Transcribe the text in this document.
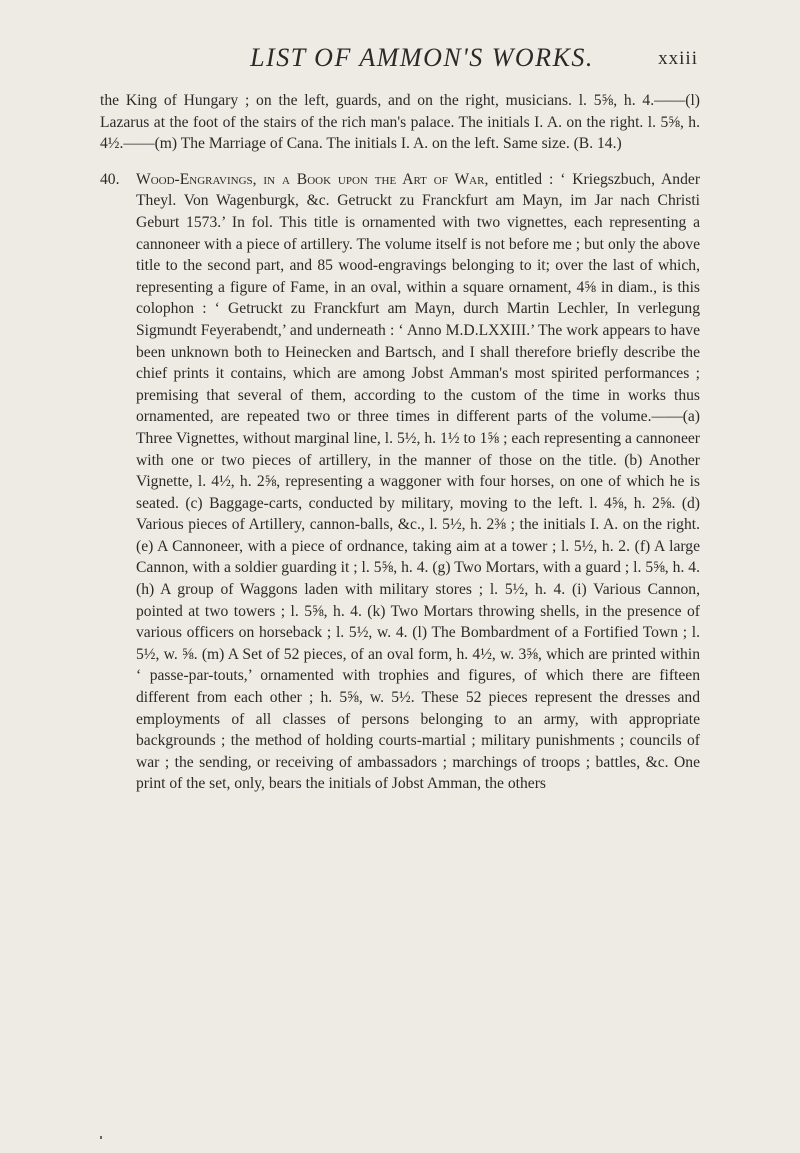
LIST OF AMMON'S WORKS.	xxiii

the King of Hungary ; on the left, guards, and on the right, musicians. l. 5⅝, h. 4.——(l) Lazarus at the foot of the stairs of the rich man's palace. The initials I. A. on the right. l. 5⅝, h. 4½.——(m) The Marriage of Cana. The initials I. A. on the left. Same size. (B. 14.)

40. Wood-Engravings, in a Book upon the Art of War, entitled : ‘ Kriegszbuch, Ander Theyl. Von Wagenburgk, &c. Getruckt zu Franckfurt am Mayn, im Jar nach Christi Geburt 1573.’ In fol. This title is ornamented with two vignettes, each representing a cannoneer with a piece of artillery. The volume itself is not before me ; but only the above title to the second part, and 85 wood-engravings belonging to it; over the last of which, representing a figure of Fame, in an oval, within a square ornament, 4⅝ in diam., is this colophon : ‘ Getruckt zu Franckfurt am Mayn, durch Martin Lechler, In verlegung Sigmundt Feyerabendt,’ and underneath : ‘ Anno M.D.LXXIII.’ The work appears to have been unknown both to Heinecken and Bartsch, and I shall therefore briefly describe the chief prints it contains, which are among Jobst Amman's most spirited performances ; premising that several of them, according to the custom of the time in works thus ornamented, are repeated two or three times in different parts of the volume.——(a) Three Vignettes, without marginal line, l. 5½, h. 1½ to 1⅝ ; each representing a cannoneer with one or two pieces of artillery, in the manner of those on the title. (b) Another Vignette, l. 4½, h. 2⅝, representing a waggoner with four horses, on one of which he is seated. (c) Baggage-carts, conducted by military, moving to the left. l. 4⅝, h. 2⅝. (d) Various pieces of Artillery, cannon-balls, &c., l. 5½, h. 2⅜ ; the initials I. A. on the right. (e) A Cannoneer, with a piece of ordnance, taking aim at a tower ; l. 5½, h. 2. (f) A large Cannon, with a soldier guarding it ; l. 5⅝, h. 4. (g) Two Mortars, with a guard ; l. 5⅝, h. 4. (h) A group of Waggons laden with military stores ; l. 5½, h. 4. (i) Various Cannon, pointed at two towers ; l. 5⅝, h. 4. (k) Two Mortars throwing shells, in the presence of various officers on horseback ; l. 5½, w. 4. (l) The Bombardment of a Fortified Town ; l. 5½, w. ⅝. (m) A Set of 52 pieces, of an oval form, h. 4½, w. 3⅝, which are printed within ‘ passe-par-touts,’ ornamented with trophies and figures, of which there are fifteen different from each other ; h. 5⅝, w. 5½. These 52 pieces represent the dresses and employments of all classes of persons belonging to an army, with appropriate backgrounds ; the method of holding courts-martial ; military punishments ; councils of war ; the sending, or receiving of ambassadors ; marchings of troops ; battles, &c. One print of the set, only, bears the initials of Jobst Amman, the others
